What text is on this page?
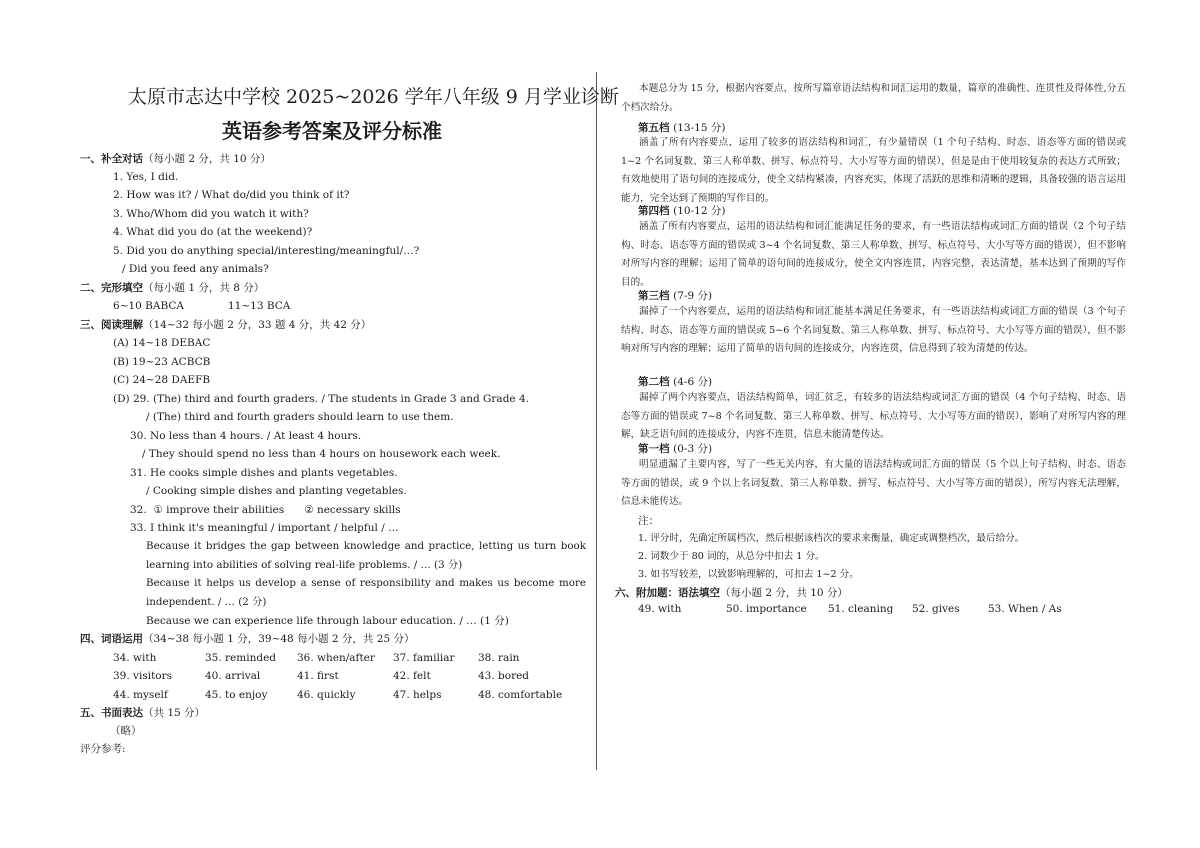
太原市志达中学校 2025~2026 学年八年级 9 月学业诊断
英语参考答案及评分标准
一、补全对话（每小题 2 分，共 10 分）
1. Yes, I did.
2. How was it? / What do/did you think of it?
3. Who/Whom did you watch it with?
4. What did you do (at the weekend)?
5. Did you do anything special/interesting/meaningful/…?
/ Did you feed any animals?
二、完形填空（每小题 1 分，共 8 分）
6~10 BABCA	11~13 BCA
三、阅读理解（14~32 每小题 2 分，33 题 4 分，共 42 分）
(A) 14~18 DEBAC
(B) 19~23 ACBCB
(C) 24~28 DAEFB
(D) 29. (The) third and fourth graders. / The students in Grade 3 and Grade 4.
/ (The) third and fourth graders should learn to use them.
30. No less than 4 hours. / At least 4 hours.
/ They should spend no less than 4 hours on housework each week.
31. He cooks simple dishes and plants vegetables.
/ Cooking simple dishes and planting vegetables.
32. ① improve their abilities ② necessary skills
33. I think it's meaningful / important / helpful / …
Because it bridges the gap between knowledge and practice, letting us turn book learning into abilities of solving real-life problems. / … (3 分)
Because it helps us develop a sense of responsibility and makes us become more independent. / … (2 分)
Because we can experience life through labour education. / … (1 分)
四、词语运用（34~38 每小题 1 分，39~48 每小题 2 分，共 25 分）
34. with	35. reminded 36. when/after 37. familiar 38. rain
39. visitors	40. arrival	41. first	42. felt	43. bored
44. myself	45. to enjoy	46. quickly	47. helps	48. comfortable
五、书面表达（共 15 分）
（略）
评分参考:
本题总分为 15 分，根据内容要点，按所写篇章语法结构和词汇运用的数量，篇章的准确性、连贯性及得体性,分五个档次给分。
第五档 (13-15 分)
涵盖了所有内容要点，运用了较多的语法结构和词汇，有少量错误（1 个句子结构、时态、语态等方面的错误或 1~2 个名词复数、第三人称单数、拼写、标点符号、大小写等方面的错误），但是是由于使用较复杂的表达方式所致；有效地使用了语句间的连接成分，使全文结构紧凑，内容充实，体现了活跃的思维和清晰的逻辑，具备较强的语言运用能力，完全达到了预期的写作目的。
第四档 (10-12 分)
涵盖了所有内容要点，运用的语法结构和词汇能满足任务的要求，有一些语法结构或词汇方面的错误（2 个句子结构、时态、语态等方面的错误或 3~4 个名词复数、第三人称单数、拼写、标点符号、大小写等方面的错误），但不影响对所写内容的理解；运用了简单的语句间的连接成分，使全文内容连贯，内容完整，表达清楚，基本达到了预期的写作目的。
第三档 (7-9 分)
漏掉了一个内容要点，运用的语法结构和词汇能基本满足任务要求，有一些语法结构或词汇方面的错误（3 个句子结构、时态、语态等方面的错误或 5~6 个名词复数、第三人称单数、拼写、标点符号、大小写等方面的错误），但不影响对所写内容的理解；运用了简单的语句间的连接成分，内容连贯，信息得到了较为清楚的传达。
第二档 (4-6 分)
漏掉了两个内容要点，语法结构简单，词汇贫乏，有较多的语法结构或词汇方面的错误（4 个句子结构、时态、语态等方面的错误或 7~8 个名词复数、第三人称单数、拼写、标点符号、大小写等方面的错误），影响了对所写内容的理解，缺乏语句间的连接成分，内容不连贯，信息未能清楚传达。
第一档 (0-3 分)
明显遗漏了主要内容，写了一些无关内容，有大量的语法结构或词汇方面的错误（5 个以上句子结构、时态、语态等方面的错误，或 9 个以上名词复数、第三人称单数、拼写、标点符号、大小写等方面的错误），所写内容无法理解，信息未能传达。
注：
1. 评分时，先确定所属档次，然后根据该档次的要求来衡量，确定或调整档次，最后给分。
2. 词数少于 80 词的，从总分中扣去 1 分。
3. 如书写较差，以致影响理解的，可扣去 1~2 分。
六、附加题：语法填空（每小题 2 分，共 10 分）
49. with	50. importance 51. cleaning 52. gives	53. When / As
